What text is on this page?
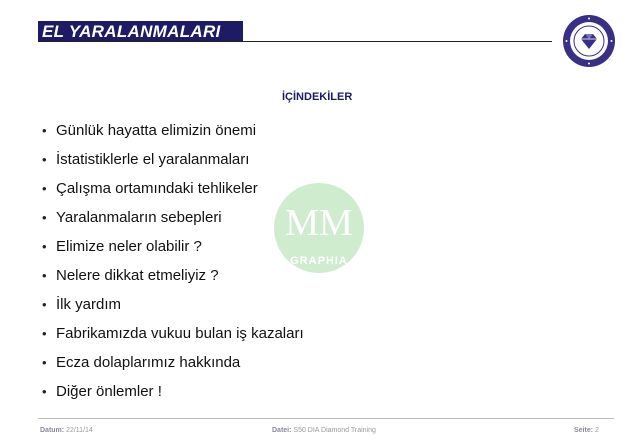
EL YARALANMALARI
İÇİNDEKİLER
MM
GRAPHIA
• Günlük hayatta elimizin önemi
• İstatistiklerle el yaralanmaları
• Çalışma ortamındaki tehlikeler
• Yaralanmaların sebepleri
• Elimize neler olabilir ?
• Nelere dikkat etmeliyiz ?
• İlk yardım
• Fabrikamızda vukuu bulan iş kazaları
• Ecza dolaplarımız hakkında
• Diğer önlemler !
Datum: 22/11/14	Datei: S50 DIA Diamond Training	Seite: 2
